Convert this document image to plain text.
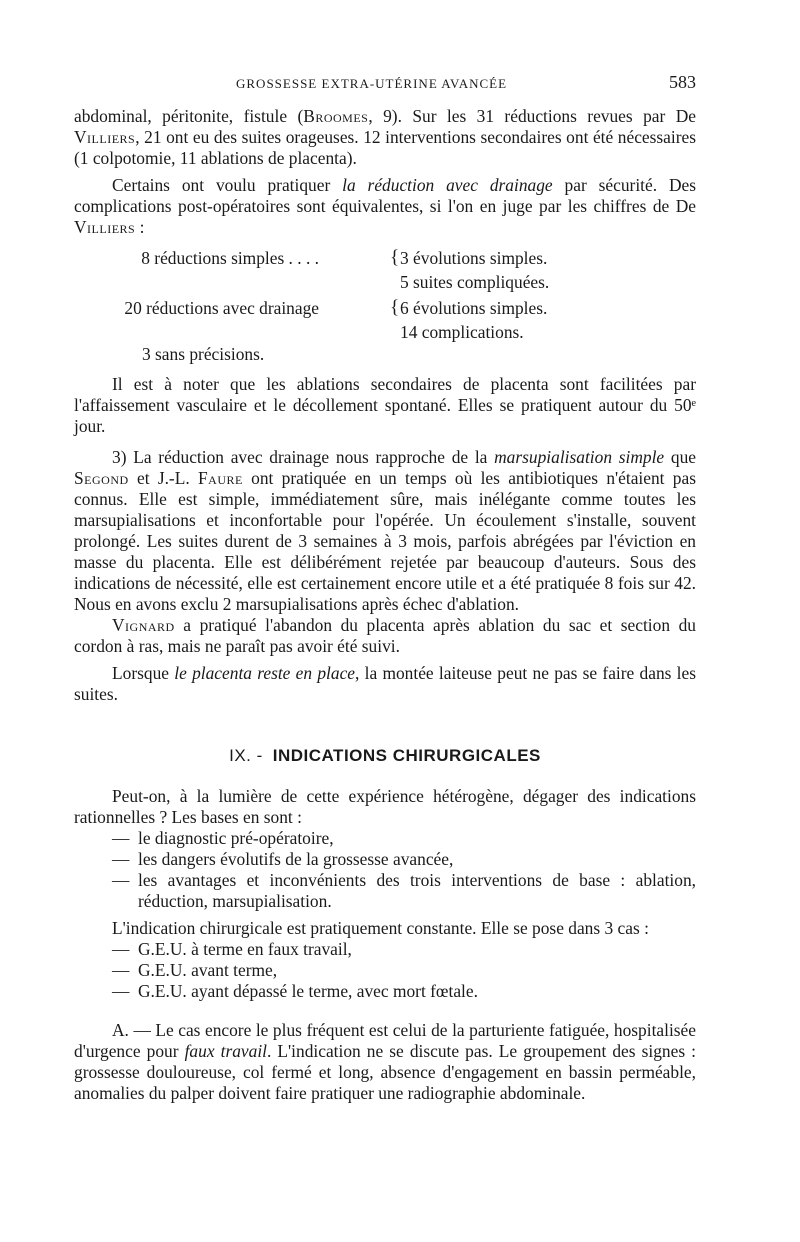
GROSSESSE EXTRA-UTÉRINE AVANCÉE	583

abdominal, péritonite, fistule (Broomes, 9). Sur les 31 réductions revues par De Villiers, 21 ont eu des suites orageuses. 12 interventions secondaires ont été nécessaires (1 colpotomie, 11 ablations de placenta).

Certains ont voulu pratiquer la réduction avec drainage par sécurité. Des complications post-opératoires sont équivalentes, si l'on en juge par les chiffres de De Villiers :

8 réductions simples . . . .	{ 3 évolutions simples.
5 suites compliquées.
20 réductions avec drainage	{ 6 évolutions simples.
14 complications.
3 sans précisions.

Il est à noter que les ablations secondaires de placenta sont facilitées par l'affaissement vasculaire et le décollement spontané. Elles se pratiquent autour du 50ᵉ jour.

3) La réduction avec drainage nous rapproche de la marsupialisation simple que Segond et J.-L. Faure ont pratiquée en un temps où les antibiotiques n'étaient pas connus. Elle est simple, immédiatement sûre, mais inélégante comme toutes les marsupialisations et inconfortable pour l'opérée. Un écoulement s'installe, souvent prolongé. Les suites durent de 3 semaines à 3 mois, parfois abrégées par l'éviction en masse du placenta. Elle est délibérément rejetée par beaucoup d'auteurs. Sous des indications de nécessité, elle est certainement encore utile et a été pratiquée 8 fois sur 42. Nous en avons exclu 2 marsupialisations après échec d'ablation.

Vignard a pratiqué l'abandon du placenta après ablation du sac et section du cordon à ras, mais ne paraît pas avoir été suivi.

Lorsque le placenta reste en place, la montée laiteuse peut ne pas se faire dans les suites.

IX. - INDICATIONS CHIRURGICALES

Peut-on, à la lumière de cette expérience hétérogène, dégager des indications rationnelles ? Les bases en sont :

— le diagnostic pré-opératoire,

— les dangers évolutifs de la grossesse avancée,

— les avantages et inconvénients des trois interventions de base : ablation, réduction, marsupialisation.

L'indication chirurgicale est pratiquement constante. Elle se pose dans 3 cas :

— G.E.U. à terme en faux travail,

— G.E.U. avant terme,

— G.E.U. ayant dépassé le terme, avec mort fœtale.

A. — Le cas encore le plus fréquent est celui de la parturiente fatiguée, hospitalisée d'urgence pour faux travail. L'indication ne se discute pas. Le groupement des signes : grossesse douloureuse, col fermé et long, absence d'engagement en bassin perméable, anomalies du palper doivent faire pratiquer une radiographie abdominale.
